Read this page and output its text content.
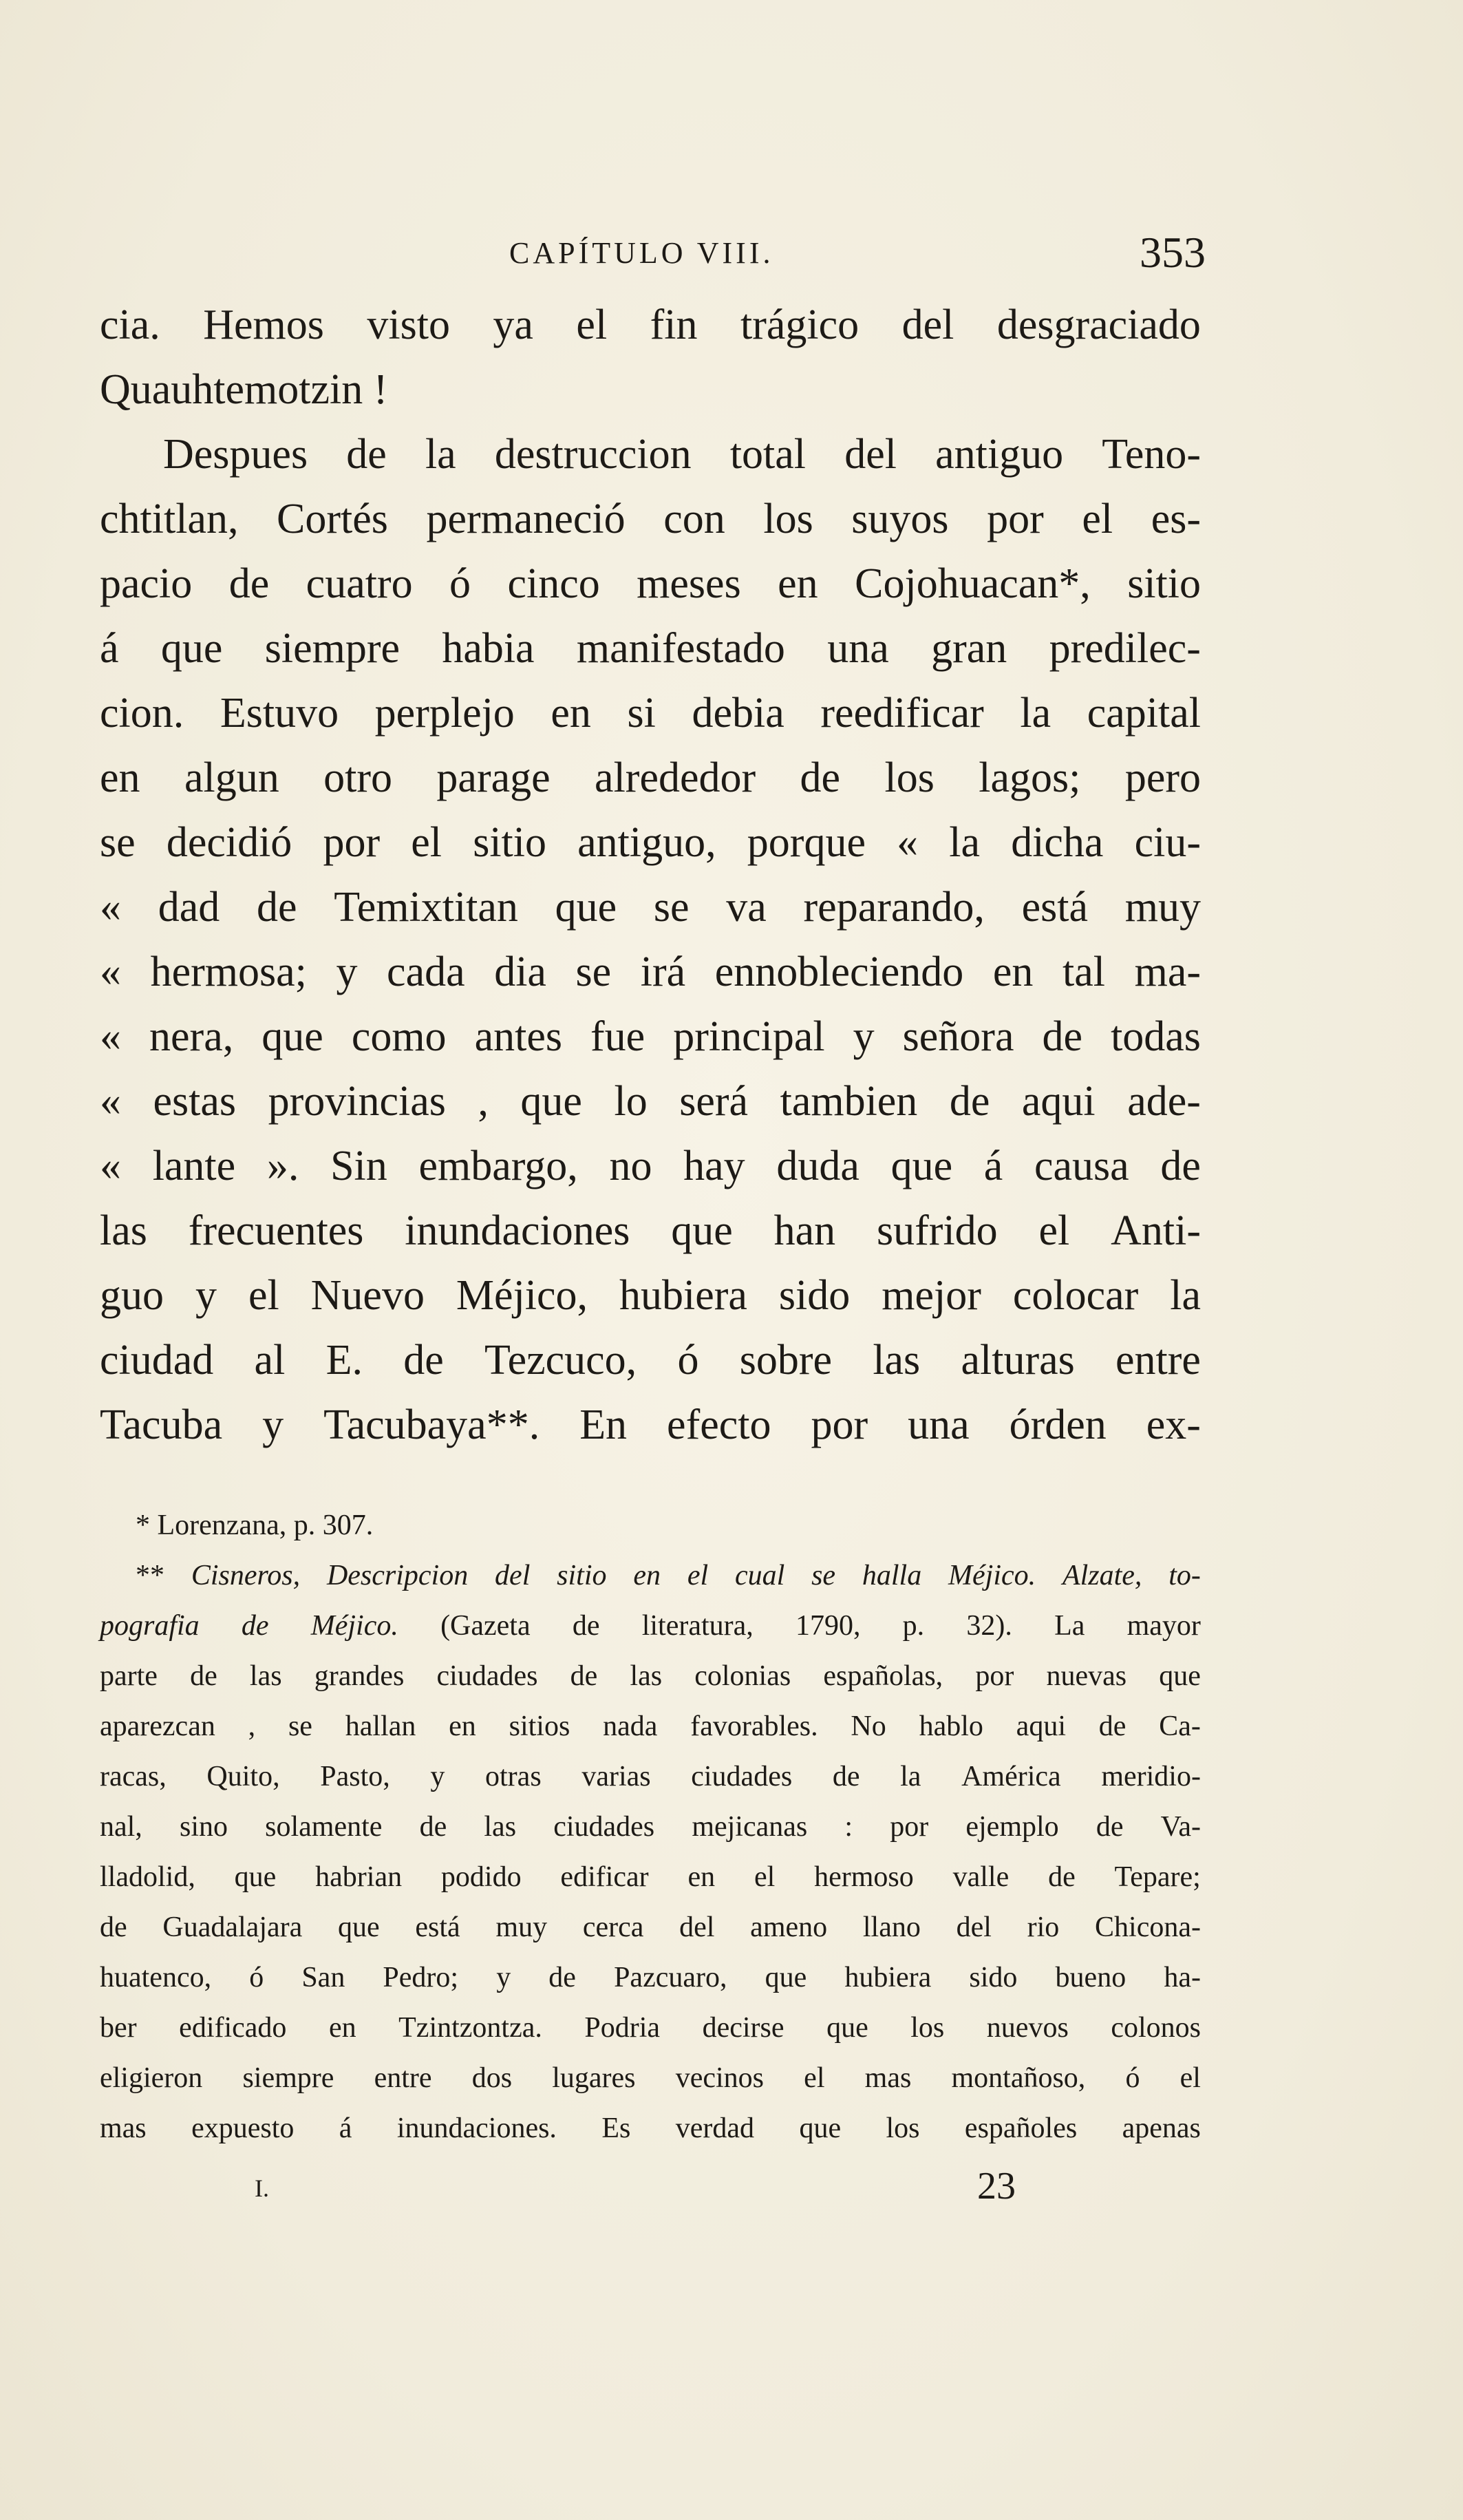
CAPÍTULO VIII.	353
cia. Hemos visto ya el fin trágico del desgraciado
Quauhtemotzin !
Despues de la destruccion total del antiguo Teno-
chtitlan, Cortés permaneció con los suyos por el es-
pacio de cuatro ó cinco meses en Cojohuacan*, sitio
á que siempre habia manifestado una gran predilec-
cion. Estuvo perplejo en si debia reedificar la capital
en algun otro parage alrededor de los lagos; pero
se decidió por el sitio antiguo, porque « la dicha ciu-
« dad de Temixtitan que se va reparando, está muy
« hermosa; y cada dia se irá ennobleciendo en tal ma-
« nera, que como antes fue principal y señora de todas
« estas provincias , que lo será tambien de aqui ade-
« lante ». Sin embargo, no hay duda que á causa de
las frecuentes inundaciones que han sufrido el Anti-
guo y el Nuevo Méjico, hubiera sido mejor colocar la
ciudad al E. de Tezcuco, ó sobre las alturas entre
Tacuba y Tacubaya**. En efecto por una órden ex-
* Lorenzana, p. 307.
** Cisneros, Descripcion del sitio en el cual se halla Méjico. Alzate, to-
pografia de Méjico. (Gazeta de literatura, 1790, p. 32). La mayor
parte de las grandes ciudades de las colonias españolas, por nuevas que
aparezcan , se hallan en sitios nada favorables. No hablo aqui de Ca-
racas, Quito, Pasto, y otras varias ciudades de la América meridio-
nal, sino solamente de las ciudades mejicanas : por ejemplo de Va-
lladolid, que habrian podido edificar en el hermoso valle de Tepare;
de Guadalajara que está muy cerca del ameno llano del rio Chicona-
huatenco, ó San Pedro; y de Pazcuaro, que hubiera sido bueno ha-
ber edificado en Tzintzontza. Podria decirse que los nuevos colonos
eligieron siempre entre dos lugares vecinos el mas montañoso, ó el
mas expuesto á inundaciones. Es verdad que los españoles apenas
I.	23
